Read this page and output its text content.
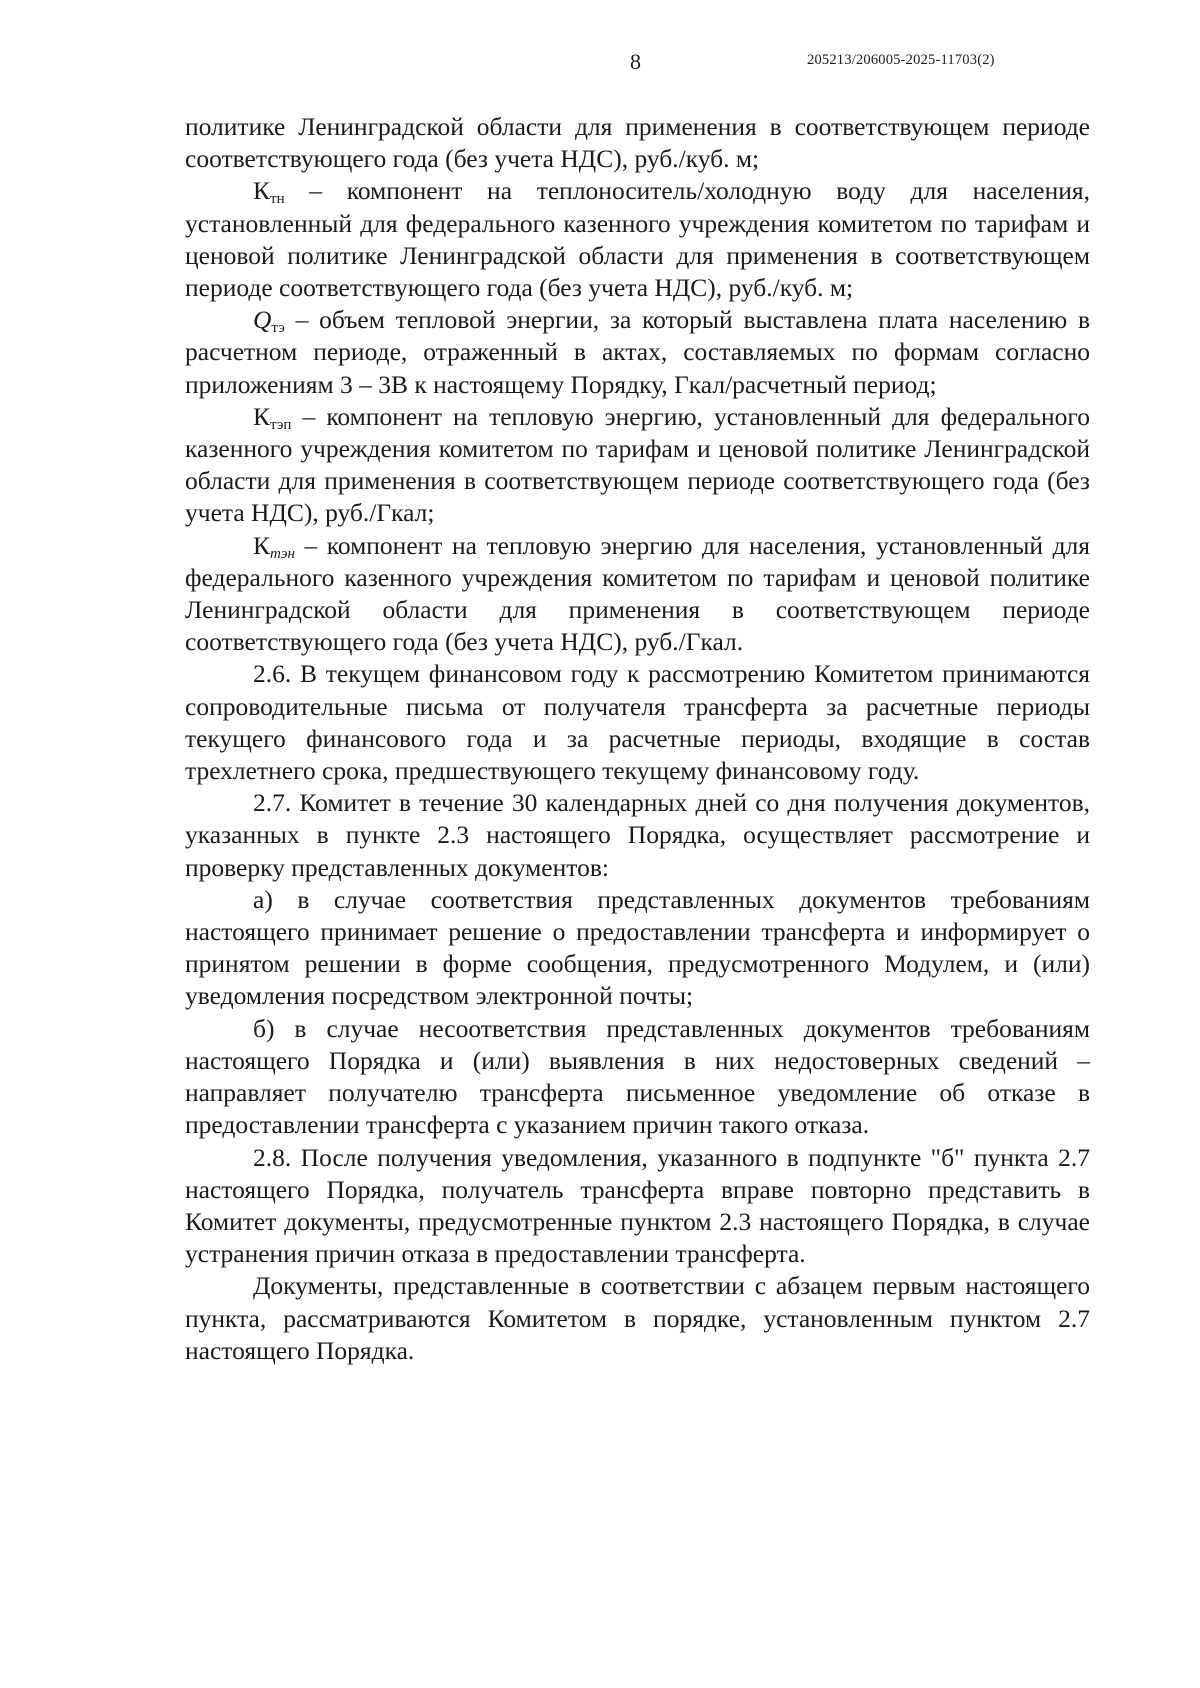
8	205213/206005-2025-11703(2)

политике Ленинградской области для применения в соответствующем периоде соответствующего года (без учета НДС), руб./куб. м;

$К_{тн}$ – компонент на теплоноситель/холодную воду для населения, установленный для федерального казенного учреждения комитетом по тарифам и ценовой политике Ленинградской области для применения в соответствующем периоде соответствующего года (без учета НДС), руб./куб. м;

$Q_{тэ}$ – объем тепловой энергии, за который выставлена плата населению в расчетном периоде, отраженный в актах, составляемых по формам согласно приложениям 3 – 3В к настоящему Порядку, Гкал/расчетный период;

$К_{тэп}$ – компонент на тепловую энергию, установленный для федерального казенного учреждения комитетом по тарифам и ценовой политике Ленинградской области для применения в соответствующем периоде соответствующего года (без учета НДС), руб./Гкал;

$К_{тэн}$ – компонент на тепловую энергию для населения, установленный для федерального казенного учреждения комитетом по тарифам и ценовой политике Ленинградской области для применения в соответствующем периоде соответствующего года (без учета НДС), руб./Гкал.

2.6. В текущем финансовом году к рассмотрению Комитетом принимаются сопроводительные письма от получателя трансферта за расчетные периоды текущего финансового года и за расчетные периоды, входящие в состав трехлетнего срока, предшествующего текущему финансовому году.

2.7. Комитет в течение 30 календарных дней со дня получения документов, указанных в пункте 2.3 настоящего Порядка, осуществляет рассмотрение и проверку представленных документов:

а) в случае соответствия представленных документов требованиям настоящего принимает решение о предоставлении трансферта и информирует о принятом решении в форме сообщения, предусмотренного Модулем, и (или) уведомления посредством электронной почты;

б) в случае несоответствия представленных документов требованиям настоящего Порядка и (или) выявления в них недостоверных сведений – направляет получателю трансферта письменное уведомление об отказе в предоставлении трансферта с указанием причин такого отказа.

2.8. После получения уведомления, указанного в подпункте "б" пункта 2.7 настоящего Порядка, получатель трансферта вправе повторно представить в Комитет документы, предусмотренные пунктом 2.3 настоящего Порядка, в случае устранения причин отказа в предоставлении трансферта.

Документы, представленные в соответствии с абзацем первым настоящего пункта, рассматриваются Комитетом в порядке, установленным пунктом 2.7 настоящего Порядка.
